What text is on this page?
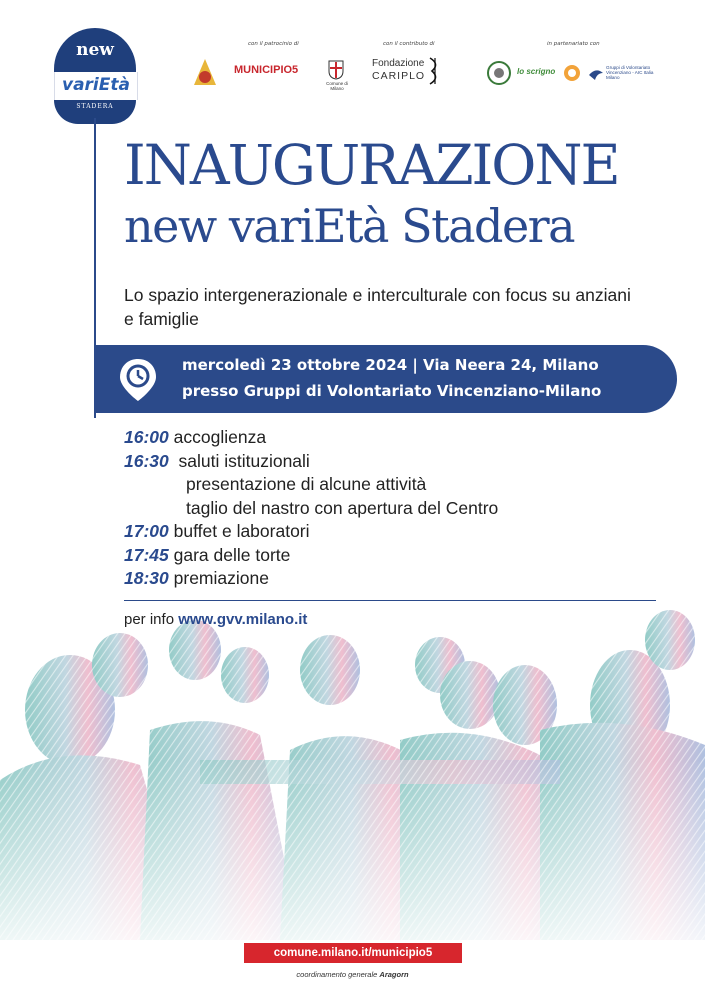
new
variEtà
STADERA
con il patrocinio di
MUNICIPIO5
Comune di Milano
con il contributo di
Fondazione
CARIPLO
in partenariato con
lo scrigno	Gruppi di Volontariato Vincenziano - AIC Italia Milano
INAUGURAZIONE
new variEtà Stadera
Lo spazio intergenerazionale e interculturale con focus su anziani e famiglie
mercoledì 23 ottobre 2024 | Via Neera 24, Milano
presso Gruppi di Volontariato Vincenziano-Milano
16:00 accoglienza
16:30 saluti istituzionali
presentazione di alcune attività
taglio del nastro con apertura del Centro
17:00 buffet e laboratori
17:45 gara delle torte
18:30 premiazione
per info www.gvv.milano.it
comune.milano.it/municipio5
coordinamento generale Aragorn
